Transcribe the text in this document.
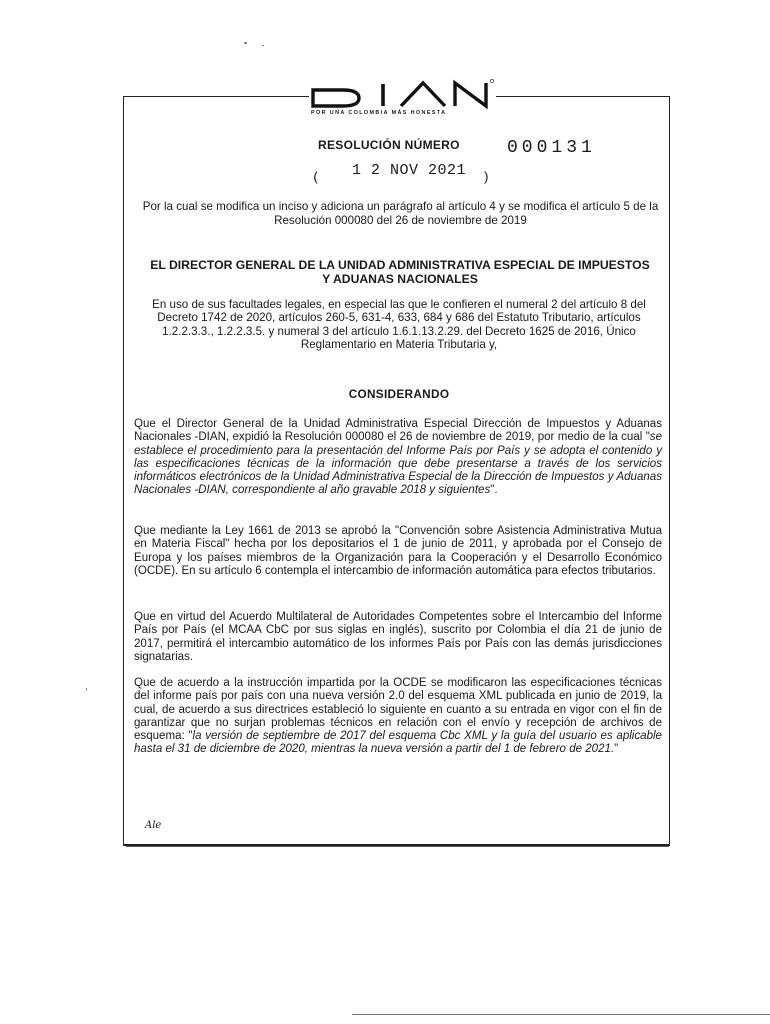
POR UNA COLOMBIA MÁS HONESTA
RESOLUCIÓN NÚMERO	000131
( 1 2 NOV 2021 )
Por la cual se modifica un inciso y adiciona un parágrafo al artículo 4 y se modifica el artículo 5 de la Resolución 000080 del 26 de noviembre de 2019
EL DIRECTOR GENERAL DE LA UNIDAD ADMINISTRATIVA ESPECIAL DE IMPUESTOS Y ADUANAS NACIONALES
En uso de sus facultades legales, en especial las que le confieren el numeral 2 del artículo 8 del Decreto 1742 de 2020, artículos 260-5, 631-4, 633, 684 y 686 del Estatuto Tributario, artículos 1.2.2.3.3., 1.2.2.3.5. y numeral 3 del artículo 1.6.1.13.2.29. del Decreto 1625 de 2016, Único Reglamentario en Materia Tributaria y,
CONSIDERANDO
Que el Director General de la Unidad Administrativa Especial Dirección de Impuestos y Aduanas Nacionales -DIAN, expidió la Resolución 000080 el 26 de noviembre de 2019, por medio de la cual "se establece el procedimiento para la presentación del Informe País por País y se adopta el contenido y las especificaciones técnicas de la información que debe presentarse a través de los servicios informáticos electrónicos de la Unidad Administrativa Especial de la Dirección de Impuestos y Aduanas Nacionales -DIAN, correspondiente al año gravable 2018 y siguientes".
Que mediante la Ley 1661 de 2013 se aprobó la "Convención sobre Asistencia Administrativa Mutua en Materia Fiscal" hecha por los depositarios el 1 de junio de 2011, y aprobada por el Consejo de Europa y los países miembros de la Organización para la Cooperación y el Desarrollo Económico (OCDE). En su artículo 6 contempla el intercambio de información automática para efectos tributarios.
Que en virtud del Acuerdo Multilateral de Autoridades Competentes sobre el Intercambio del Informe País por País (el MCAA CbC por sus siglas en inglés), suscrito por Colombia el día 21 de junio de 2017, permitirá el intercambio automático de los informes País por País con las demás jurisdicciones signatarias.
Que de acuerdo a la instrucción impartida por la OCDE se modificaron las especificaciones técnicas del informe país por país con una nueva versión 2.0 del esquema XML publicada en junio de 2019, la cual, de acuerdo a sus directrices estableció lo siguiente en cuanto a su entrada en vigor con el fin de garantizar que no surjan problemas técnicos en relación con el envío y recepción de archivos de esquema: "la versión de septiembre de 2017 del esquema Cbc XML y la guía del usuario es aplicable hasta el 31 de diciembre de 2020, mientras la nueva versión a partir del 1 de febrero de 2021."
Ale
